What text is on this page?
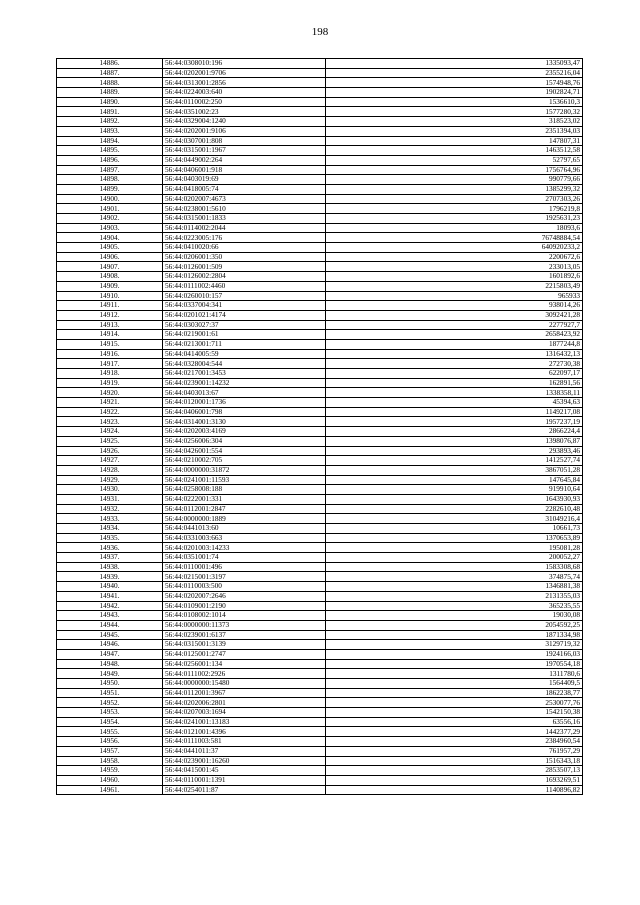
198
14886.	56:44:0308010:196	1335093,47
14887.	56:44:0202001:9706	2355216,04
14888.	56:44:0313001:2856	1574948,76
14889.	56:44:0224003:640	1902824,71
14890.	56:44:0110002:250	1536610,3
14891.	56:44:0351002:23	1577280,32
14892.	56:44:0329004:1240	318523,02
14893.	56:44:0202001:9106	2351394,03
14894.	56:44:0307001:808	147807,31
14895.	56:44:0315001:1967	1463512,58
14896.	56:44:0449002:264	52797,65
14897.	56:44:0406001:918	1756764,96
14898.	56:44:0403019:69	990779,66
14899.	56:44:0418005:74	1385299,32
14900.	56:44:0202007:4673	2707303,26
14901.	56:44:0238001:5610	1796219,8
14902.	56:44:0315001:1833	1925631,23
14903.	56:44:0114002:2044	18093,6
14904.	56:44:0223005:176	76748884,54
14905.	56:44:0410020:66	640920233,2
14906.	56:44:0206001:350	2200672,6
14907.	56:44:0126001:509	233013,05
14908.	56:44:0126002:2804	1601892,6
14909.	56:44:0111002:4460	2215803,49
14910.	56:44:0260010:157	965933
14911.	56:44:0337004:341	938014,26
14912.	56:44:0201021:4174	3092421,28
14913.	56:44:0303027:37	2277927,7
14914.	56:44:0219001:61	2658423,92
14915.	56:44:0213001:711	1877244,8
14916.	56:44:0414005:59	1316432,13
14917.	56:44:0328004:544	272730,38
14918.	56:44:0217001:3453	622097,17
14919.	56:44:0239001:14232	162891,56
14920.	56:44:0403013:67	1338358,11
14921.	56:44:0120001:1736	45394,63
14922.	56:44:0406001:798	1149217,08
14923.	56:44:0314001:3130	1957237,19
14924.	56:44:0202003:4169	2866224,4
14925.	56:44:0256006:304	1398076,87
14926.	56:44:0426001:554	293893,46
14927.	56:44:0210002:705	1412527,74
14928.	56:44:0000000:31872	3867051,28
14929.	56:44:0241001:11593	147645,84
14930.	56:44:0258008:188	919910,64
14931.	56:44:0222001:331	1643930,93
14932.	56:44:0112001:2847	2282610,48
14933.	56:44:0000000:1889	31049216,4
14934.	56:44:0441013:60	10661,73
14935.	56:44:0331003:663	1370653,89
14936.	56:44:0201003:14233	195081,28
14937.	56:44:0351001:74	200052,27
14938.	56:44:0110001:496	1583308,68
14939.	56:44:0215001:3197	374875,74
14940.	56:44:0110003:500	1346881,38
14941.	56:44:0202007:2646	2131355,03
14942.	56:44:0109001:2190	365235,55
14943.	56:44:0108002:1014	19030,08
14944.	56:44:0000000:11373	2054592,25
14945.	56:44:0239001:6137	1871334,98
14946.	56:44:0315001:3139	3129719,32
14947.	56:44:0125001:2747	1924166,03
14948.	56:44:0256001:134	1970554,18
14949.	56:44:0111002:2926	1311780,6
14950.	56:44:0000000:15480	1564409,5
14951.	56:44:0112001:3967	1862238,77
14952.	56:44:0202006:2801	2530077,76
14953.	56:44:0207003:1694	1542150,38
14954.	56:44:0241001:13183	63556,16
14955.	56:44:0121001:4396	1442377,29
14956.	56:44:0111003:581	2384960,54
14957.	56:44:0441011:37	761957,29
14958.	56:44:0239001:16260	1516343,18
14959.	56:44:0415001:45	2853507,13
14960.	56:44:0110001:1391	1693269,51
14961.	56:44:0254011:87	1140896,82
